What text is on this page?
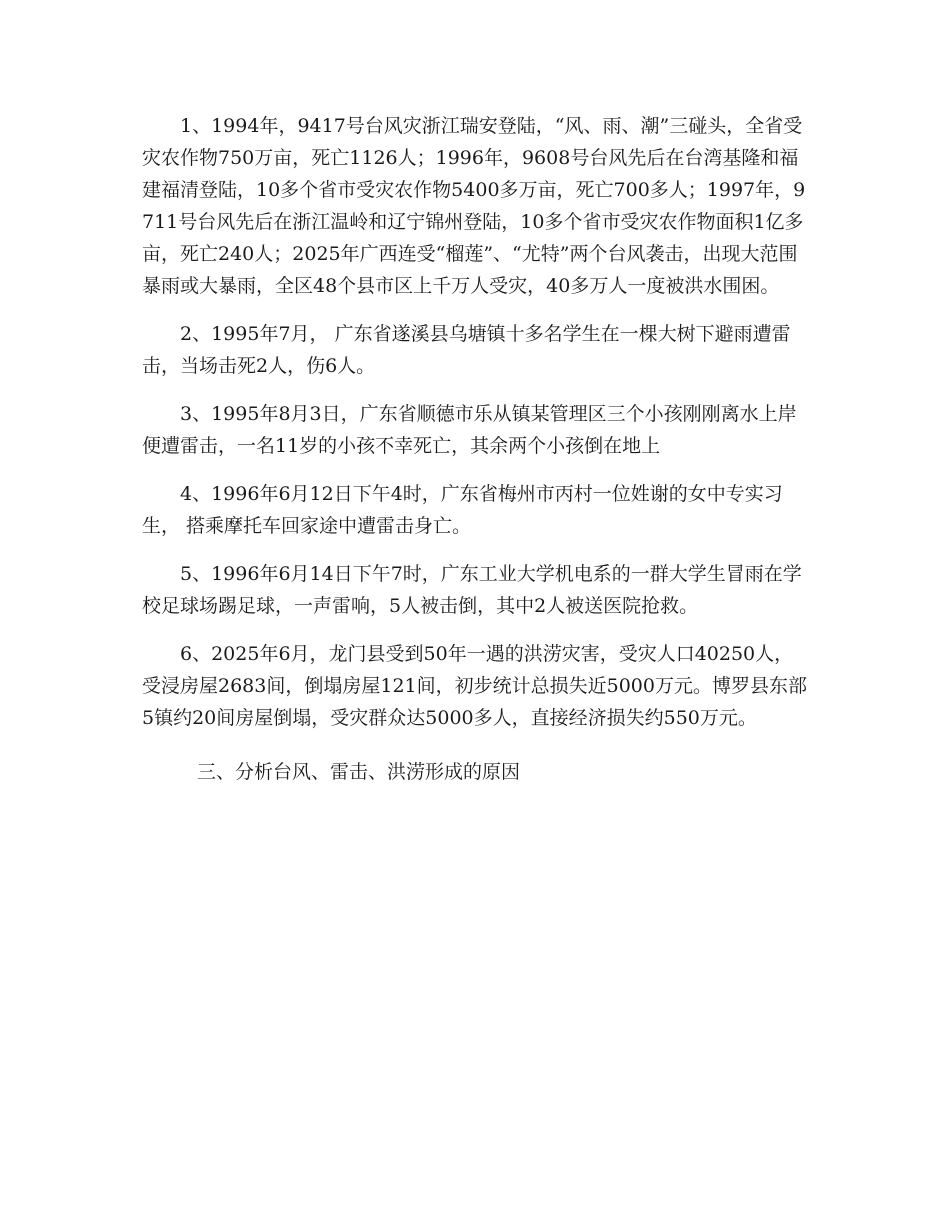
1、1994年，9417号台风灾浙江瑞安登陆，“风、雨、潮”三碰头，全省受灾农作物750万亩，死亡1126人；1996年，9608号台风先后在台湾基隆和福建福清登陆，10多个省市受灾农作物5400多万亩，死亡700多人；1997年，9711号台风先后在浙江温岭和辽宁锦州登陆，10多个省市受灾农作物面积1亿多亩，死亡240人；2025年广西连受“榴莲”、“尤特”两个台风袭击，出现大范围暴雨或大暴雨，全区48个县市区上千万人受灾，40多万人一度被洪水围困。

2、1995年7月， 广东省遂溪县乌塘镇十多名学生在一棵大树下避雨遭雷击，当场击死2人，伤6人。

3、1995年8月3日，广东省顺德市乐从镇某管理区三个小孩刚刚离水上岸便遭雷击，一名11岁的小孩不幸死亡，其余两个小孩倒在地上

4、1996年6月12日下午4时，广东省梅州市丙村一位姓谢的女中专实习生， 搭乘摩托车回家途中遭雷击身亡。

5、1996年6月14日下午7时，广东工业大学机电系的一群大学生冒雨在学校足球场踢足球，一声雷响，5人被击倒，其中2人被送医院抢救。

6、2025年6月，龙门县受到50年一遇的洪涝灾害，受灾人口40250人，受浸房屋2683间，倒塌房屋121间，初步统计总损失近5000万元。博罗县东部5镇约20间房屋倒塌，受灾群众达5000多人，直接经济损失约550万元。

三、分析台风、雷击、洪涝形成的原因
